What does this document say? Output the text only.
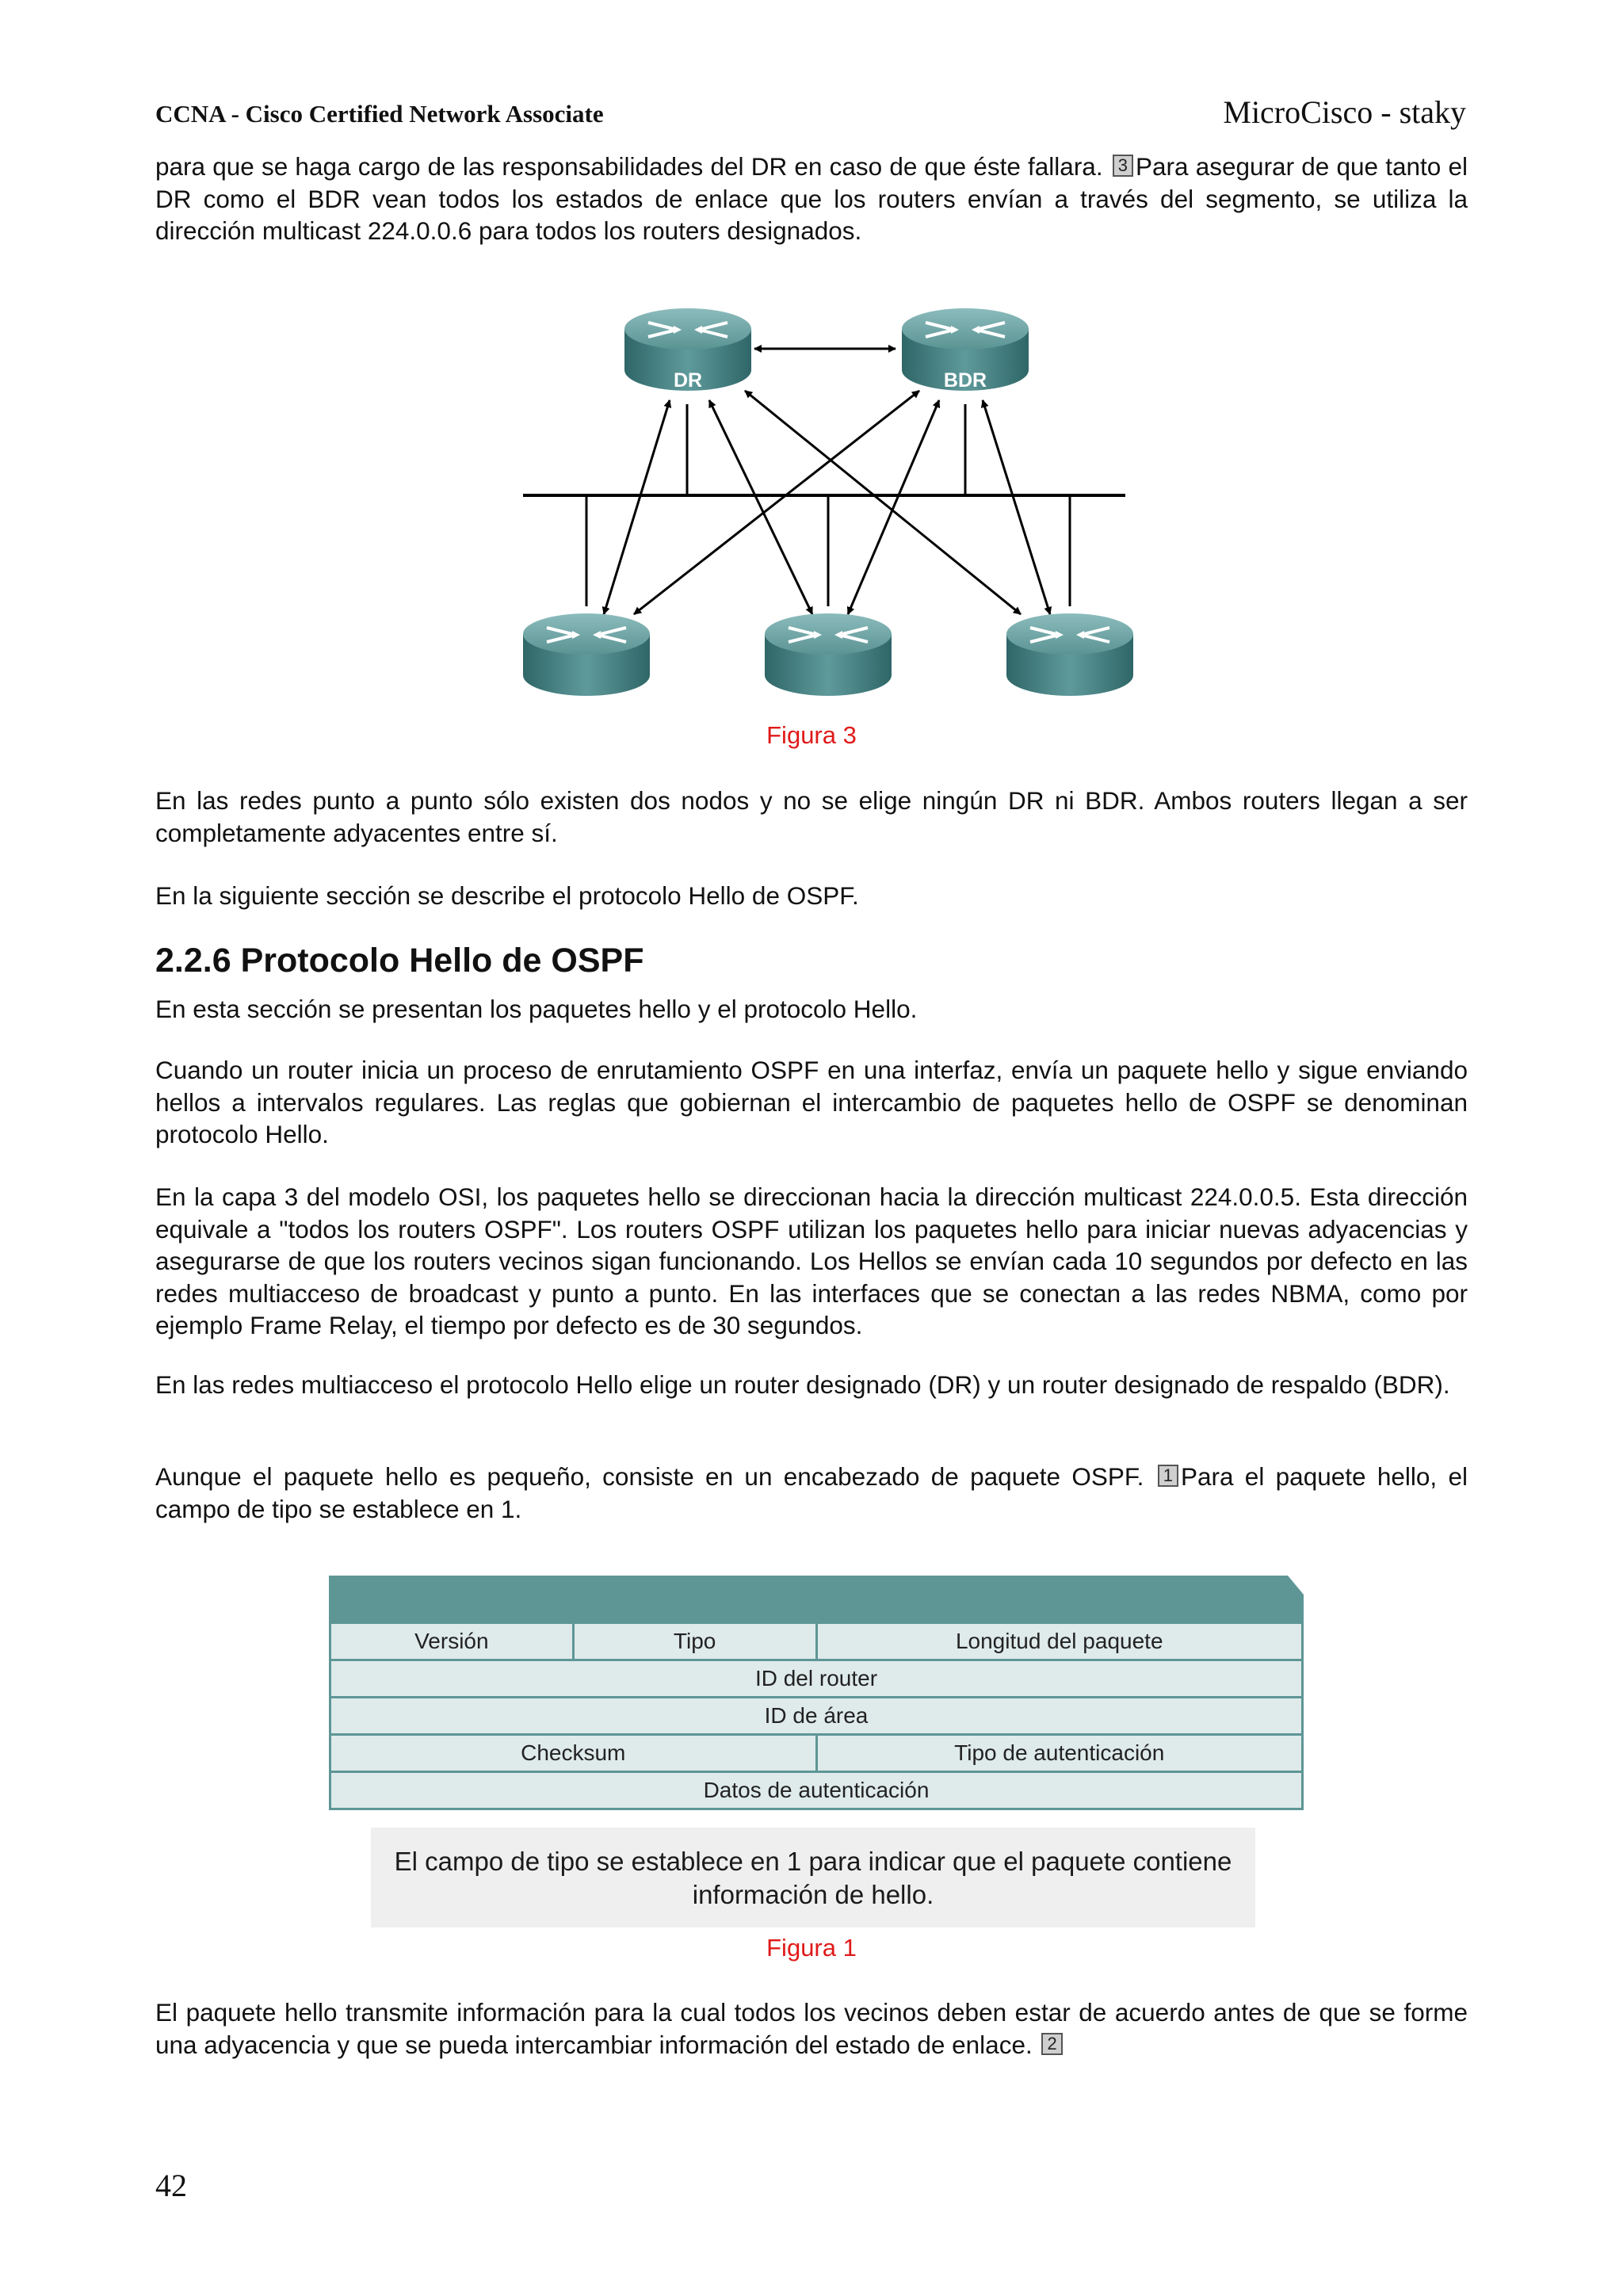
CCNA - Cisco Certified Network Associate	MicroCisco - staky

para que se haga cargo de las responsabilidades del DR en caso de que éste fallara. 3 Para asegurar de que tanto el DR como el BDR vean todos los estados de enlace que los routers envían a través del segmento, se utiliza la dirección multicast 224.0.0.6 para todos los routers designados.

DR	BDR
Figura 3

En las redes punto a punto sólo existen dos nodos y no se elige ningún DR ni BDR. Ambos routers llegan a ser completamente adyacentes entre sí.

En la siguiente sección se describe el protocolo Hello de OSPF.

2.2.6 Protocolo Hello de OSPF

En esta sección se presentan los paquetes hello y el protocolo Hello.

Cuando un router inicia un proceso de enrutamiento OSPF en una interfaz, envía un paquete hello y sigue enviando hellos a intervalos regulares. Las reglas que gobiernan el intercambio de paquetes hello de OSPF se denominan protocolo Hello.

En la capa 3 del modelo OSI, los paquetes hello se direccionan hacia la dirección multicast 224.0.0.5. Esta dirección equivale a "todos los routers OSPF". Los routers OSPF utilizan los paquetes hello para iniciar nuevas adyacencias y asegurarse de que los routers vecinos sigan funcionando. Los Hellos se envían cada 10 segundos por defecto en las redes multiacceso de broadcast y punto a punto. En las interfaces que se conectan a las redes NBMA, como por ejemplo Frame Relay, el tiempo por defecto es de 30 segundos.

En las redes multiacceso el protocolo Hello elige un router designado (DR) y un router designado de respaldo (BDR).

Aunque el paquete hello es pequeño, consiste en un encabezado de paquete OSPF. 1 Para el paquete hello, el campo de tipo se establece en 1.

Versión	Tipo	Longitud del paquete
ID del router		
ID de área		
Checksum		Tipo de autenticación
Datos de autenticación		
El campo de tipo se establece en 1 para indicar que el paquete contiene información de hello.
Figura 1

El paquete hello transmite información para la cual todos los vecinos deben estar de acuerdo antes de que se forme una adyacencia y que se pueda intercambiar información del estado de enlace. 2

42
